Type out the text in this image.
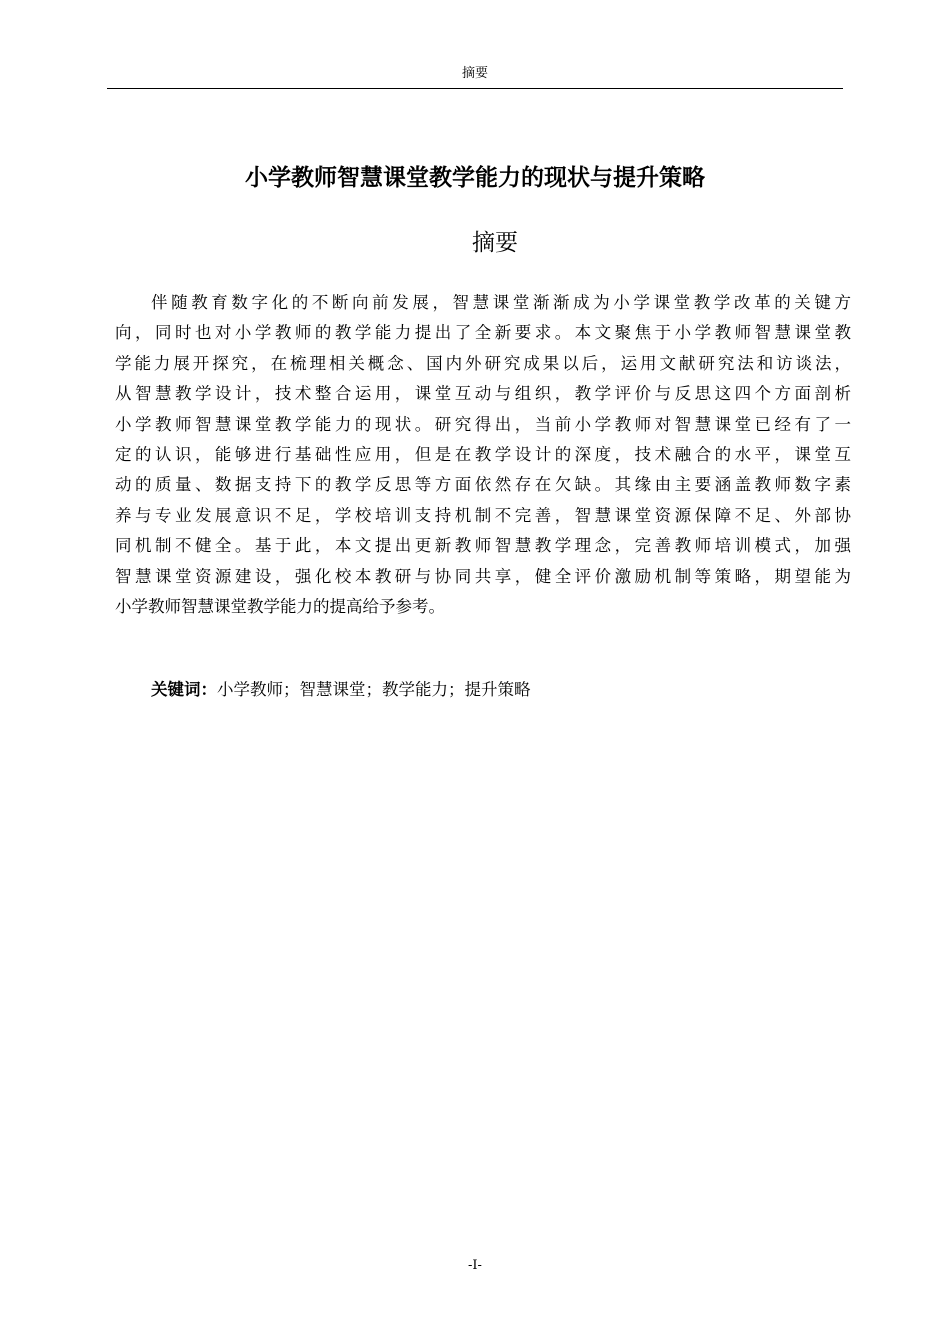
摘要
小学教师智慧课堂教学能力的现状与提升策略
摘要
伴随教育数字化的不断向前发展，智慧课堂渐渐成为小学课堂教学改革的关键方
向，同时也对小学教师的教学能力提出了全新要求。本文聚焦于小学教师智慧课堂教
学能力展开探究，在梳理相关概念、国内外研究成果以后，运用文献研究法和访谈法，
从智慧教学设计，技术整合运用，课堂互动与组织，教学评价与反思这四个方面剖析
小学教师智慧课堂教学能力的现状。研究得出，当前小学教师对智慧课堂已经有了一
定的认识，能够进行基础性应用，但是在教学设计的深度，技术融合的水平，课堂互
动的质量、数据支持下的教学反思等方面依然存在欠缺。其缘由主要涵盖教师数字素
养与专业发展意识不足，学校培训支持机制不完善，智慧课堂资源保障不足、外部协
同机制不健全。基于此，本文提出更新教师智慧教学理念，完善教师培训模式，加强
智慧课堂资源建设，强化校本教研与协同共享，健全评价激励机制等策略，期望能为
小学教师智慧课堂教学能力的提高给予参考。
关键词：小学教师；智慧课堂；教学能力；提升策略
-I-
